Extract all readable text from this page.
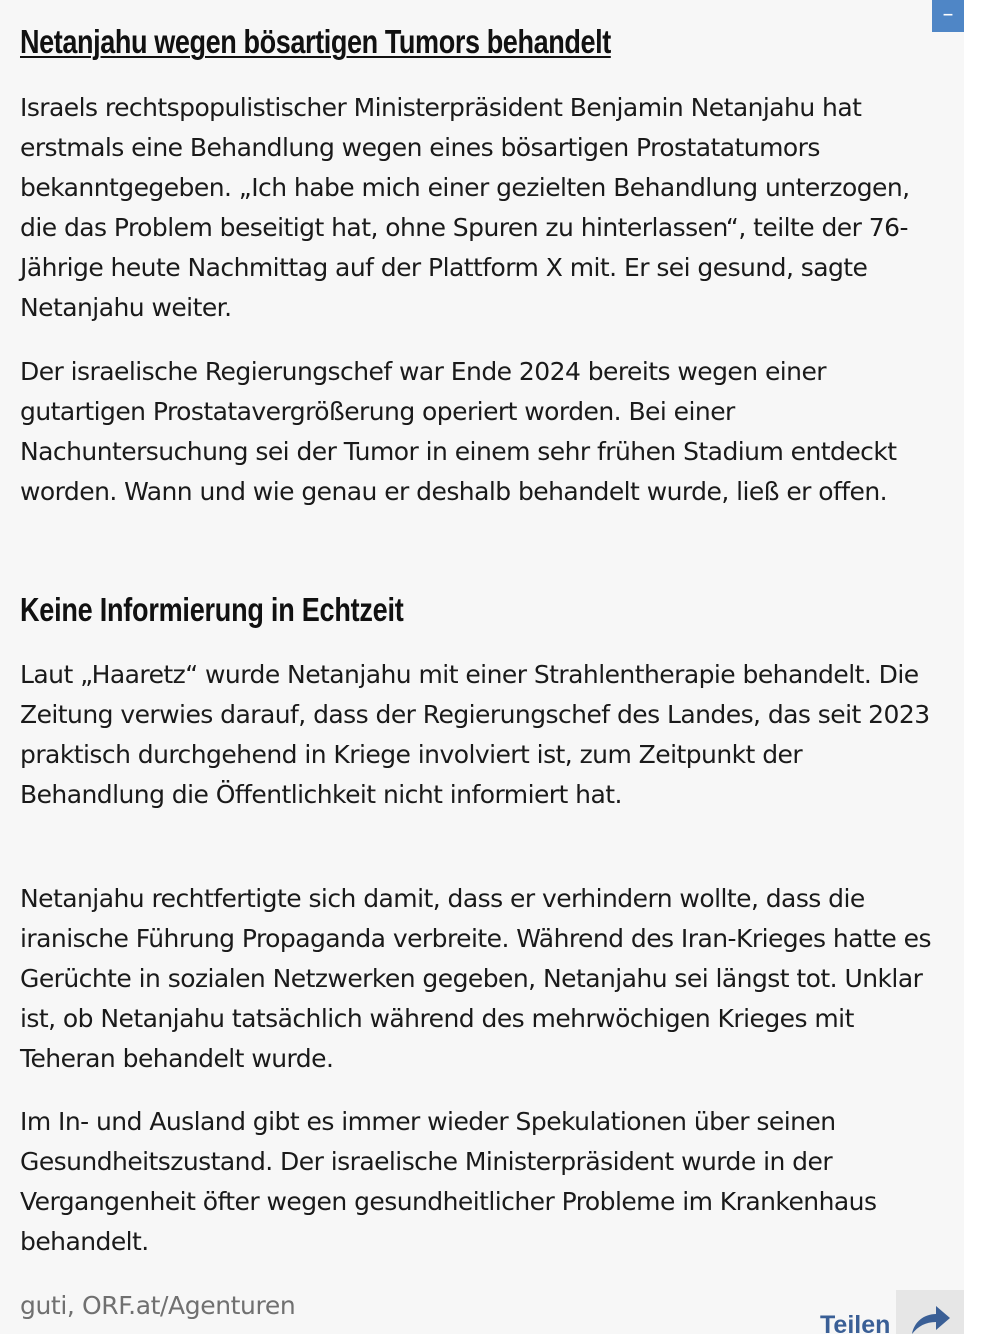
–
Netanjahu wegen bösartigen Tumors behandelt

Israels rechtspopulistischer Ministerpräsident Benjamin Netanjahu hat erstmals eine Behandlung wegen eines bösartigen Prostatatumors bekanntgegeben. „Ich habe mich einer gezielten Behandlung unterzogen, die das Problem beseitigt hat, ohne Spuren zu hinterlassen“, teilte der 76-Jährige heute Nachmittag auf der Plattform X mit. Er sei gesund, sagte Netanjahu weiter.

Der israelische Regierungschef war Ende 2024 bereits wegen einer gutartigen Prostatavergrößerung operiert worden. Bei einer Nachuntersuchung sei der Tumor in einem sehr frühen Stadium entdeckt worden. Wann und wie genau er deshalb behandelt wurde, ließ er offen.

Keine Informierung in Echtzeit

Laut „Haaretz“ wurde Netanjahu mit einer Strahlentherapie behandelt. Die Zeitung verwies darauf, dass der Regierungschef des Landes, das seit 2023 praktisch durchgehend in Kriege involviert ist, zum Zeitpunkt der Behandlung die Öffentlichkeit nicht informiert hat.

Netanjahu rechtfertigte sich damit, dass er verhindern wollte, dass die iranische Führung Propaganda verbreite. Während des Iran-Krieges hatte es Gerüchte in sozialen Netzwerken gegeben, Netanjahu sei längst tot. Unklar ist, ob Netanjahu tatsächlich während des mehrwöchigen Krieges mit Teheran behandelt wurde.

Im In- und Ausland gibt es immer wieder Spekulationen über seinen Gesundheitszustand. Der israelische Ministerpräsident wurde in der Vergangenheit öfter wegen gesundheitlicher Probleme im Krankenhaus behandelt.

guti, ORF.at/Agenturen
Teilen
